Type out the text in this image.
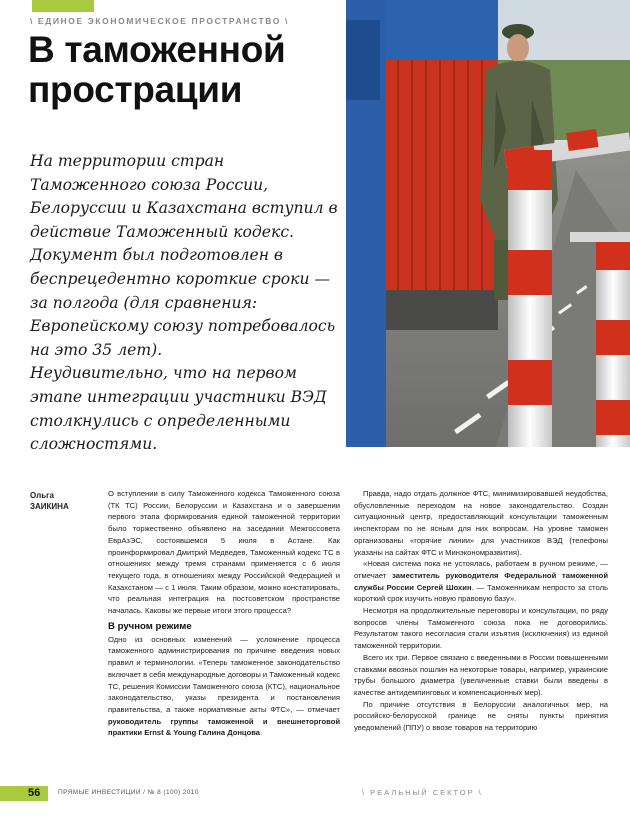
\ ЕДИНОЕ ЭКОНОМИЧЕСКОЕ ПРОСТРАНСТВО \
В таможенной
прострации

На территории стран Таможенного союза России, Белоруссии и Казахстана вступил в действие Таможенный кодекс. Документ был подготовлен в беспрецедентно короткие сроки — за полгода (для сравнения: Европейскому союзу потребовалось на это 35 лет).

Неудивительно, что на первом этапе интеграции участники ВЭД столкнулись с определенными сложностями.

Ольга
ЗАИКИНА

О вступлении в силу Таможенного кодекса Таможенного союза (ТК ТС) России, Белоруссии и Казахстана и о завершении первого этапа формирования единой таможенной территории было торжественно объявлено на заседании Межгоссовета ЕврАзЭС, состоявшемся 5 июля в Астане. Как проинформировал Дмитрий Медведев, Таможенный кодекс ТС в отношениях между тремя странами применяется с 6 июля текущего года, в отношениях между Российской Федерацией и Казахстаном — с 1 июля. Таким образом, можно констатировать, что реальная интеграция на постсоветском пространстве началась. Каковы же первые итоги этого процесса?

В ручном режиме

Одно из основных изменений — усложнение процесса таможенного администрирования по причине введения новых правил и терминологии. «Теперь таможенное законодательство включает в себя международные договоры и Таможенный кодекс ТС, решения Комиссии Таможенного союза (КТС), национальное законодательство, указы президента и постановления правительства, а также нормативные акты ФТС», — отмечает руководитель группы таможенной и внешнеторговой практики Ernst & Young Галина Донцова.

Правда, надо отдать должное ФТС, минимизировавшей неудобства, обусловленные переходом на новое законодательство. Создан ситуационный центр, предоставляющий консультации таможенным инспекторам по не ясным для них вопросам. На уровне таможен организованы «горячие линии» для участников ВЭД (телефоны указаны на сайтах ФТС и Минэкономразвития).

«Новая система пока не устоялась, работаем в ручном режиме, — отмечает заместитель руководителя Федеральной таможенной службы России Сергей Шохин. — Таможенникам непросто за столь короткий срок изучить новую правовую базу».

Несмотря на продолжительные переговоры и консультации, по ряду вопросов члены Таможенного союза пока не договорились. Результатом такого несогласия стали изъятия (исключения) из единой таможенной территории.

Всего их три. Первое связано с введенными в России повышенными ставками ввозных пошлин на некоторые товары, например, украинские трубы большого диаметра (увеличенные ставки были введены в качестве антидемпинговых и компенсационных мер).

По причине отсутствия в Белоруссии аналогичных мер, на российско-белорусской границе не сняты пункты принятия уведомлений (ППУ) о ввозе товаров на территорию

56	ПРЯМЫЕ ИНВЕСТИЦИИ / № 8 (100) 2010	\ РЕАЛЬНЫЙ СЕКТОР \
